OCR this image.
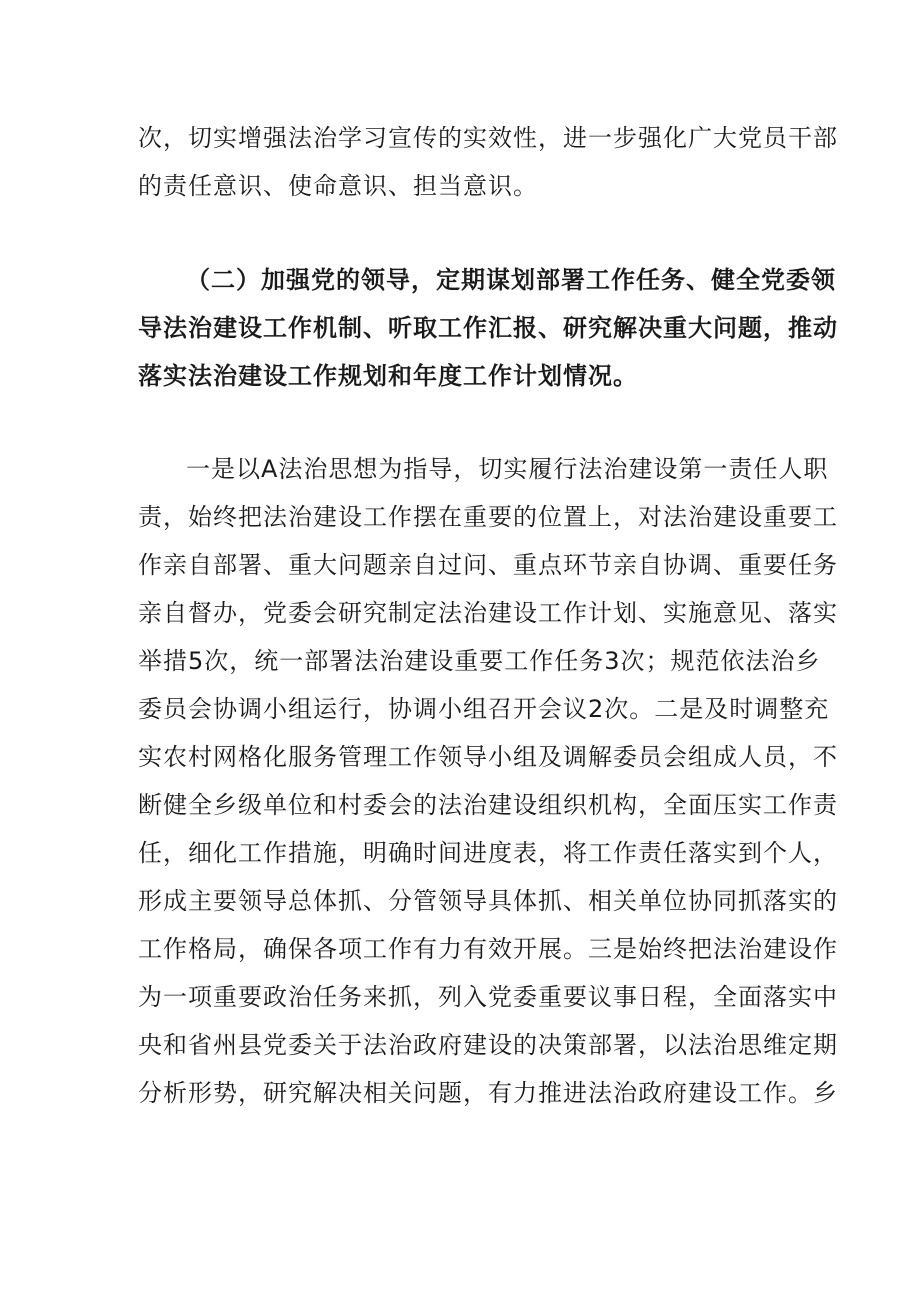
次，切实增强法治学习宣传的实效性，进一步强化广大党员干部

的责任意识、使命意识、担当意识。

（二）加强党的领导，定期谋划部署工作任务、健全党委领

导法治建设工作机制、听取工作汇报、研究解决重大问题，推动

落实法治建设工作规划和年度工作计划情况。

一是以A法治思想为指导，切实履行法治建设第一责任人职

责，始终把法治建设工作摆在重要的位置上，对法治建设重要工

作亲自部署、重大问题亲自过问、重点环节亲自协调、重要任务

亲自督办，党委会研究制定法治建设工作计划、实施意见、落实

举措5次，统一部署法治建设重要工作任务3次；规范依法治乡

委员会协调小组运行，协调小组召开会议2次。二是及时调整充

实农村网格化服务管理工作领导小组及调解委员会组成人员，不

断健全乡级单位和村委会的法治建设组织机构，全面压实工作责

任，细化工作措施，明确时间进度表，将工作责任落实到个人，

形成主要领导总体抓、分管领导具体抓、相关单位协同抓落实的

工作格局，确保各项工作有力有效开展。三是始终把法治建设作

为一项重要政治任务来抓，列入党委重要议事日程，全面落实中

央和省州县党委关于法治政府建设的决策部署，以法治思维定期

分析形势，研究解决相关问题，有力推进法治政府建设工作。乡
